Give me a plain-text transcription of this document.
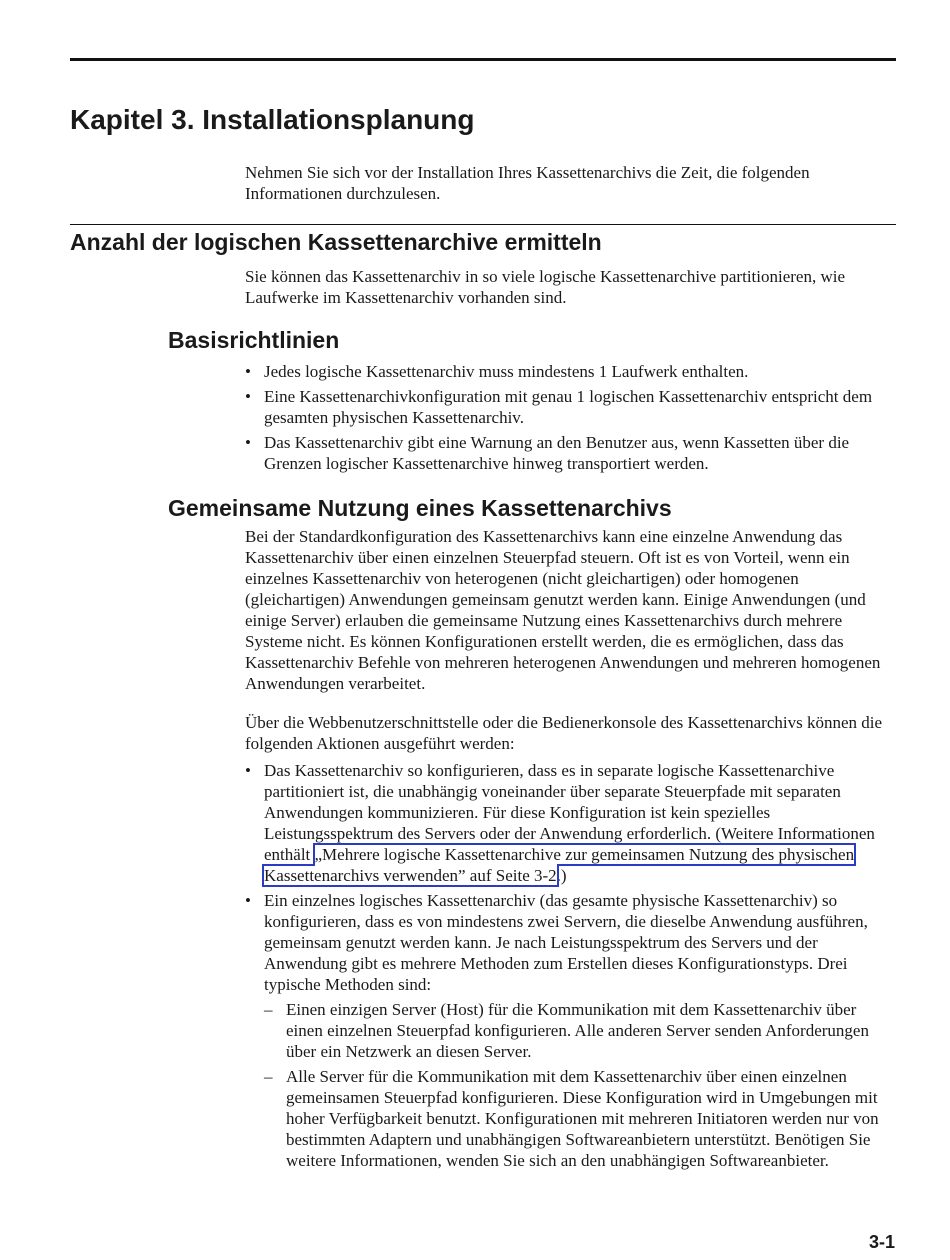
Kapitel 3. Installationsplanung

Nehmen Sie sich vor der Installation Ihres Kassettenarchivs die Zeit, die folgenden Informationen durchzulesen.

Anzahl der logischen Kassettenarchive ermitteln

Sie können das Kassettenarchiv in so viele logische Kassettenarchive partitionieren, wie Laufwerke im Kassettenarchiv vorhanden sind.

Basisrichtlinien
• Jedes logische Kassettenarchiv muss mindestens 1 Laufwerk enthalten.
• Eine Kassettenarchivkonfiguration mit genau 1 logischen Kassettenarchiv entspricht dem gesamten physischen Kassettenarchiv.
• Das Kassettenarchiv gibt eine Warnung an den Benutzer aus, wenn Kassetten über die Grenzen logischer Kassettenarchive hinweg transportiert werden.
Gemeinsame Nutzung eines Kassettenarchivs

Bei der Standardkonfiguration des Kassettenarchivs kann eine einzelne Anwendung das Kassettenarchiv über einen einzelnen Steuerpfad steuern. Oft ist es von Vorteil, wenn ein einzelnes Kassettenarchiv von heterogenen (nicht gleichartigen) oder homogenen (gleichartigen) Anwendungen gemeinsam genutzt werden kann. Einige Anwendungen (und einige Server) erlauben die gemeinsame Nutzung eines Kassettenarchivs durch mehrere Systeme nicht. Es können Konfigurationen erstellt werden, die es ermöglichen, dass das Kassettenarchiv Befehle von mehreren heterogenen Anwendungen und mehreren homogenen Anwendungen verarbeitet.

Über die Webbenutzerschnittstelle oder die Bedienerkonsole des Kassettenarchivs können die folgenden Aktionen ausgeführt werden:

• Das Kassettenarchiv so konfigurieren, dass es in separate logische Kassettenarchive partitioniert ist, die unabhängig voneinander über separate Steuerpfade mit separaten Anwendungen kommunizieren. Für diese Konfiguration ist kein spezielles Leistungsspektrum des Servers oder der Anwendung erforderlich. (Weitere Informationen enthält „Mehrere logische Kassettenarchive zur gemeinsamen Nutzung des physischen Kassettenarchivs verwenden” auf Seite 3-2.)
• Ein einzelnes logisches Kassettenarchiv (das gesamte physische Kassettenarchiv) so konfigurieren, dass es von mindestens zwei Servern, die dieselbe Anwendung ausführen, gemeinsam genutzt werden kann. Je nach Leistungsspektrum des Servers und der Anwendung gibt es mehrere Methoden zum Erstellen dieses Konfigurationstyps. Drei typische Methoden sind:
– Einen einzigen Server (Host) für die Kommunikation mit dem Kassettenarchiv über einen einzelnen Steuerpfad konfigurieren. Alle anderen Server senden Anforderungen über ein Netzwerk an diesen Server.
– Alle Server für die Kommunikation mit dem Kassettenarchiv über einen einzelnen gemeinsamen Steuerpfad konfigurieren. Diese Konfiguration wird in Umgebungen mit hoher Verfügbarkeit benutzt. Konfigurationen mit mehreren Initiatoren werden nur von bestimmten Adaptern und unabhängigen Softwareanbietern unterstützt. Benötigen Sie weitere Informationen, wenden Sie sich an den unabhängigen Softwareanbieter.
3-1
